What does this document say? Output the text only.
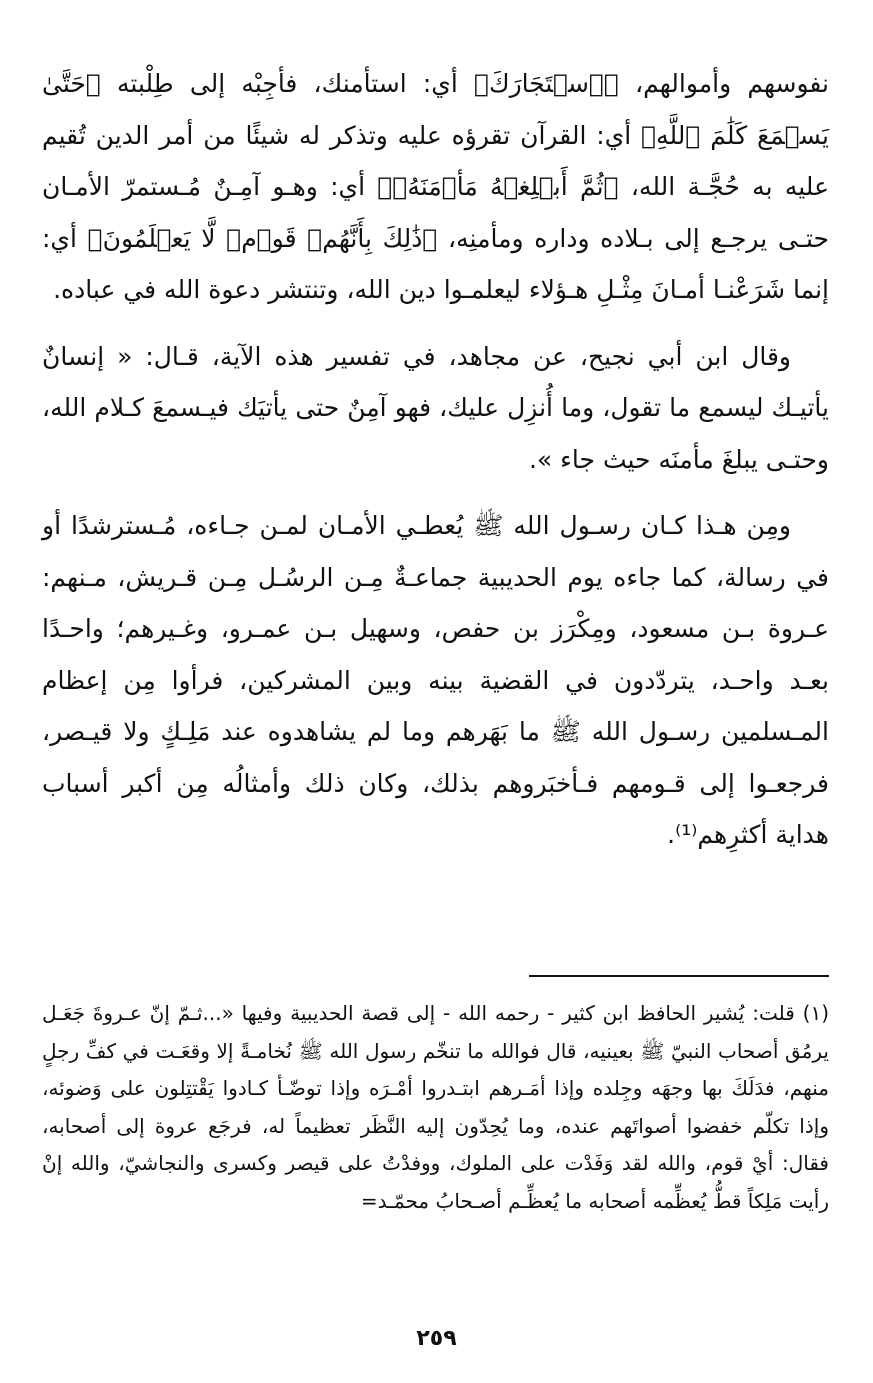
نفوسهم وأموالهم، ﴿ٱسۡتَجَارَكَ﴾ أي: استأمنك، فأجِبْه إلى طِلْبته ﴿حَتَّىٰ يَسۡمَعَ كَلَٰمَ ٱللَّهِ﴾ أي: القرآن تقرؤه عليه وتذكر له شيئًا من أمر الدين تُقيم عليه به حُجَّـة الله، ﴿ثُمَّ أَبۡلِغۡهُ مَأۡمَنَهُۥ﴾ أي: وهـو آمِـنٌ مُـستمرّ الأمـان حتـى يرجـع إلى بـلاده وداره ومأمنِه، ﴿ذَٰلِكَ بِأَنَّهُمۡ قَوۡمٞ لَّا يَعۡلَمُونَ﴾ أي: إنما شَرَعْنـا أمـانَ مِثْـلِ هـؤلاء ليعلمـوا دين الله، وتنتشر دعوة الله في عباده.

وقال ابن أبي نجيح، عن مجاهد، في تفسير هذه الآية، قـال: « إنسانٌ يأتيـك ليسمع ما تقول، وما أُنزِل عليك، فهو آمِنٌ حتى يأتيَك فيـسمعَ كـلام الله، وحتـى يبلغَ مأمنَه حيث جاء ».

ومِن هـذا كـان رسـول الله ﷺ يُعطـي الأمـان لمـن جـاءه، مُـسترشدًا أو في رسالة، كما جاءه يوم الحديبية جماعـةٌ مِـن الرسُـل مِـن قـريش، مـنهم: عـروة بـن مسعود، ومِكْرَز بن حفص، وسهيل بـن عمـرو، وغـيرهم؛ واحـدًا بعـد واحـد، يتردّدون في القضية بينه وبين المشركين، فرأوا مِن إعظام المـسلمين رسـول الله ﷺ ما بَهَرهم وما لم يشاهدوه عند مَلِـكٍ ولا قيـصر، فرجعـوا إلى قـومهم فـأخبَروهم بذلك، وكان ذلك وأمثالُه مِن أكبر أسباب هداية أكثرِهم⁽¹⁾.

(١) قلت: يُشير الحافظ ابن كثير - رحمه الله - إلى قصة الحديبية وفيها «...ثـمّ إنّ عـروةَ جَعَـل يرمُق أصحاب النبيّ ﷺ بعينيه، قال فوالله ما تنخّم رسول الله ﷺ نُخامـةً إلا وقعَـت في كفِّ رجلٍ منهم، فدَلَكَ بها وجهَه وجِلده وإذا أمَـرهم ابتـدروا أمْـرَه وإذا توضّـأ كـادوا يَقْتتِلون على وَضوئه، وإذا تكلّم خفضوا أصواتَهم عنده، وما يُحِدّون إليه النَّظَر تعظيماً له، فرجَع عروة إلى أصحابه، فقال: أيْ قوم، والله لقد وَفَدْت على الملوك، ووفدْتُ على قيصر وكسرى والنجاشيّ، والله إنْ رأيت مَلِكاً قطُّ يُعظِّمه أصحابه ما يُعظِّـم أصـحابُ محمّـد=

٢٥٩
